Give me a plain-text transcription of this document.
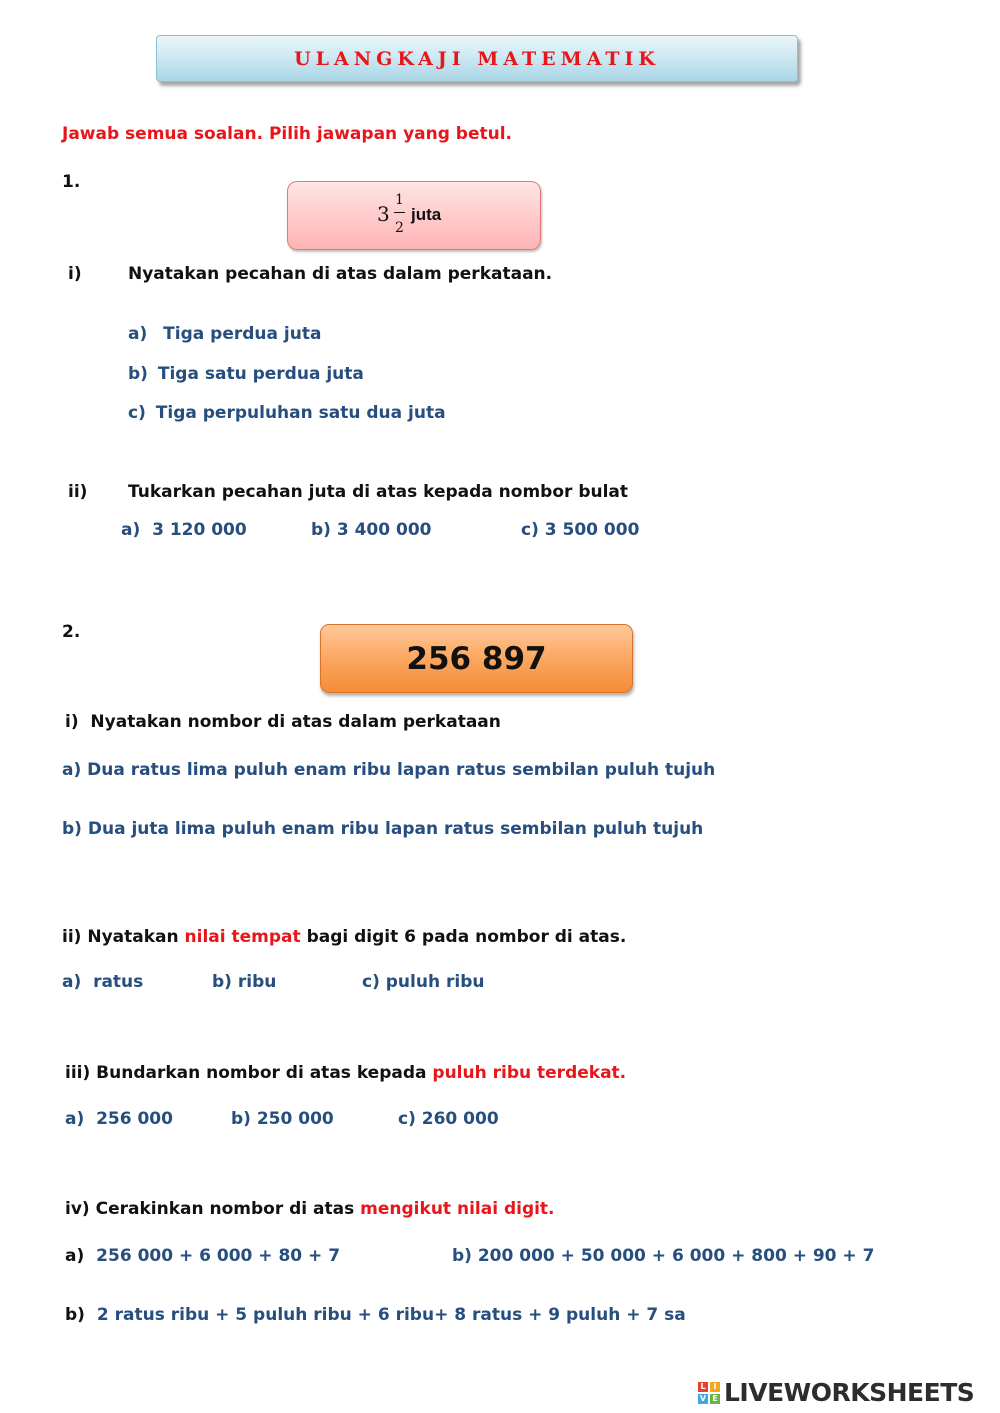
ULANGKAJI MATEMATIK
Jawab semua soalan. Pilih jawapan yang betul.
1.
3
1
2
juta
i)	Nyatakan pecahan di atas dalam perkataan.
a) Tiga perdua juta
b) Tiga satu perdua juta
c) Tiga perpuluhan satu dua juta
ii) Tukarkan pecahan juta di atas kepada nombor bulat
a)  3 120 000	b) 3 400 000	c) 3 500 000
2.
256 897
i)  Nyatakan nombor di atas dalam perkataan
a) Dua ratus lima puluh enam ribu lapan ratus sembilan puluh tujuh
b) Dua juta lima puluh enam ribu lapan ratus sembilan puluh tujuh
ii) Nyatakan nilai tempat bagi digit 6 pada nombor di atas.
a)  ratus	b) ribu	c) puluh ribu
iii) Bundarkan nombor di atas kepada puluh ribu terdekat.
a)  256 000	b) 250 000	c) 260 000
iv) Cerakinkan nombor di atas mengikut nilai digit.
a) 256 000 + 6 000 + 80 + 7	b) 200 000 + 50 000 + 6 000 + 800 + 90 + 7
b) 2 ratus ribu + 5 puluh ribu + 6 ribu+ 8 ratus + 9 puluh + 7 sa
L I
V E LIVEWORKSHEETS
